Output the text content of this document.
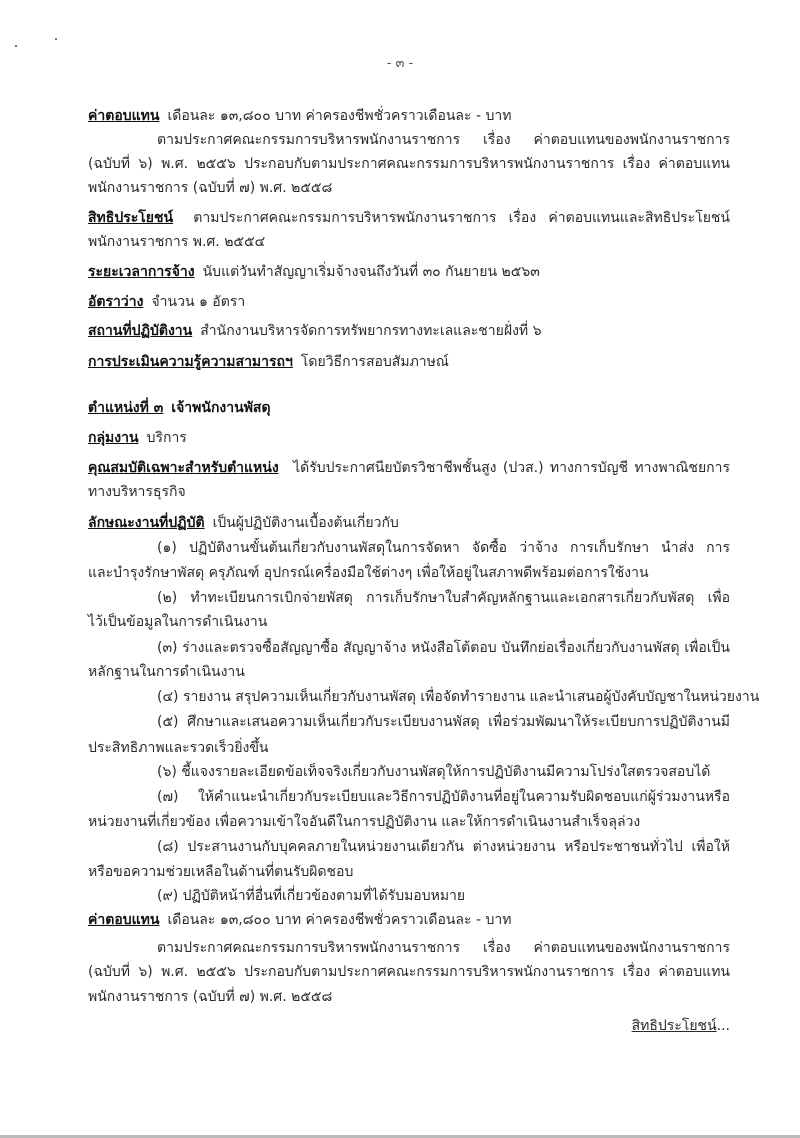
- ๓ -
ค่าตอบแทน เดือนละ ๑๓,๘๐๐ บาท ค่าครองชีพชั่วคราวเดือนละ - บาท
ตามประกาศคณะกรรมการบริหารพนักงานราชการ เรื่อง ค่าตอบแทนของพนักงานราชการ
(ฉบับที่ ๖) พ.ศ. ๒๕๕๖ ประกอบกับตามประกาศคณะกรรมการบริหารพนักงานราชการ เรื่อง ค่าตอบแทน
พนักงานราชการ (ฉบับที่ ๗) พ.ศ. ๒๕๕๘
สิทธิประโยชน์ ตามประกาศคณะกรรมการบริหารพนักงานราชการ เรื่อง ค่าตอบแทนและสิทธิประโยชน์
พนักงานราชการ พ.ศ. ๒๕๕๔
ระยะเวลาการจ้าง นับแต่วันทำสัญญาเริ่มจ้างจนถึงวันที่ ๓๐ กันยายน ๒๕๖๓
อัตราว่าง จำนวน ๑ อัตรา
สถานที่ปฏิบัติงาน สำนักงานบริหารจัดการทรัพยากรทางทะเลและชายฝั่งที่ ๖
การประเมินความรู้ความสามารถฯ โดยวิธีการสอบสัมภาษณ์
ตำแหน่งที่ ๓ เจ้าพนักงานพัสดุ
กลุ่มงาน บริการ
คุณสมบัติเฉพาะสำหรับตำแหน่ง ได้รับประกาศนียบัตรวิชาชีพชั้นสูง (ปวส.) ทางการบัญชี ทางพาณิชยการ
ทางบริหารธุรกิจ
ลักษณะงานที่ปฏิบัติ เป็นผู้ปฏิบัติงานเบื้องต้นเกี่ยวกับ
(๑) ปฏิบัติงานขั้นต้นเกี่ยวกับงานพัสดุในการจัดหา จัดซื้อ ว่าจ้าง การเก็บรักษา นำส่ง การ
และบำรุงรักษาพัสดุ ครุภัณฑ์ อุปกรณ์เครื่องมือใช้ต่างๆ เพื่อให้อยู่ในสภาพดีพร้อมต่อการใช้งาน
(๒) ทำทะเบียนการเบิกจ่ายพัสดุ การเก็บรักษาใบสำคัญหลักฐานและเอกสารเกี่ยวกับพัสดุ เพื่อ
ไว้เป็นข้อมูลในการดำเนินงาน
(๓) ร่างและตรวจซื้อสัญญาซื้อ สัญญาจ้าง หนังสือโต้ตอบ บันทึกย่อเรื่องเกี่ยวกับงานพัสดุ เพื่อเป็น
หลักฐานในการดำเนินงาน
(๔) รายงาน สรุปความเห็นเกี่ยวกับงานพัสดุ เพื่อจัดทำรายงาน และนำเสนอผู้บังคับบัญชาในหน่วยงาน
(๕) ศึกษาและเสนอความเห็นเกี่ยวกับระเบียบงานพัสดุ เพื่อร่วมพัฒนาให้ระเบียบการปฏิบัติงานมี
ประสิทธิภาพและรวดเร็วยิ่งขึ้น
(๖) ชี้แจงรายละเอียดข้อเท็จจริงเกี่ยวกับงานพัสดุให้การปฏิบัติงานมีความโปร่งใสตรวจสอบได้
(๗) ให้คำแนะนำเกี่ยวกับระเบียบและวิธีการปฏิบัติงานที่อยู่ในความรับผิดชอบแก่ผู้ร่วมงานหรือ
หน่วยงานที่เกี่ยวข้อง เพื่อความเข้าใจอันดีในการปฏิบัติงาน และให้การดำเนินงานสำเร็จลุล่วง
(๘) ประสานงานกับบุคคลภายในหน่วยงานเดียวกัน ต่างหน่วยงาน หรือประชาชนทั่วไป เพื่อให้
หรือขอความช่วยเหลือในด้านที่ตนรับผิดชอบ
(๙) ปฏิบัติหน้าที่อื่นที่เกี่ยวข้องตามที่ได้รับมอบหมาย
ค่าตอบแทน เดือนละ ๑๓,๘๐๐ บาท ค่าครองชีพชั่วคราวเดือนละ - บาท
ตามประกาศคณะกรรมการบริหารพนักงานราชการ เรื่อง ค่าตอบแทนของพนักงานราชการ
(ฉบับที่ ๖) พ.ศ. ๒๕๕๖ ประกอบกับตามประกาศคณะกรรมการบริหารพนักงานราชการ เรื่อง ค่าตอบแทน
พนักงานราชการ (ฉบับที่ ๗) พ.ศ. ๒๕๕๘
สิทธิประโยชน์...
